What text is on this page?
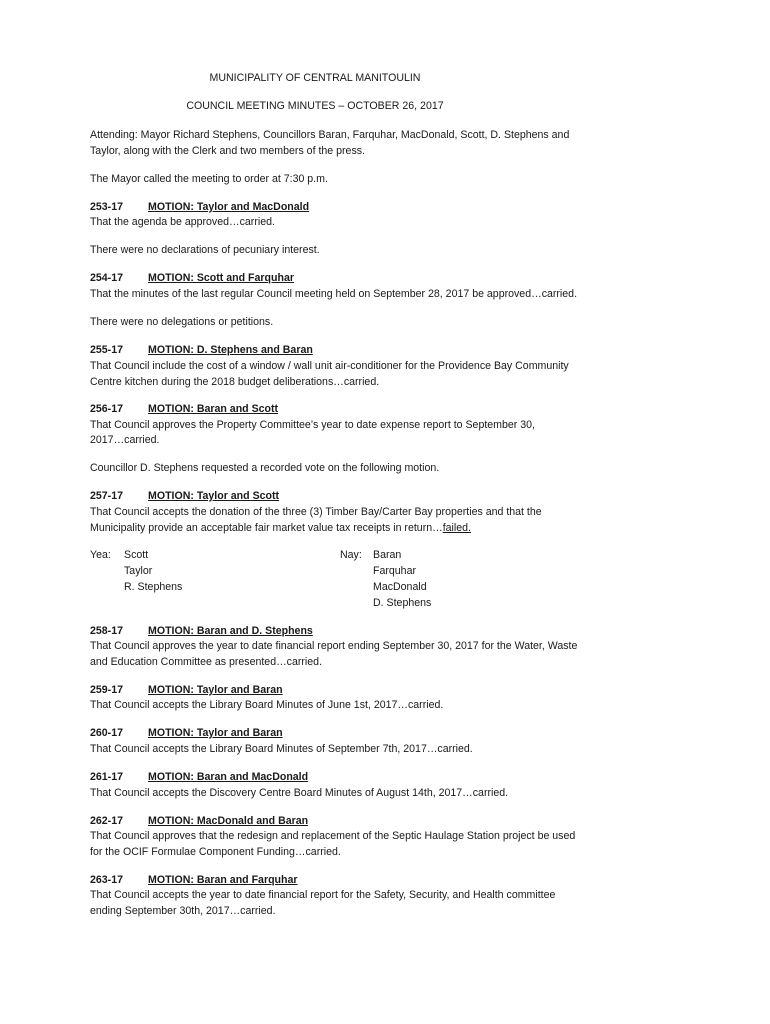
MUNICIPALITY OF CENTRAL MANITOULIN
COUNCIL MEETING MINUTES – OCTOBER 26, 2017
Attending: Mayor Richard Stephens, Councillors Baran, Farquhar, MacDonald, Scott, D. Stephens and
Taylor, along with the Clerk and two members of the press.
The Mayor called the meeting to order at 7:30 p.m.
253-17 MOTION: Taylor and MacDonald
That the agenda be approved…carried.
There were no declarations of pecuniary interest.
254-17 MOTION: Scott and Farquhar
That the minutes of the last regular Council meeting held on September 28, 2017 be approved…carried.
There were no delegations or petitions.
255-17 MOTION: D. Stephens and Baran
That Council include the cost of a window / wall unit air-conditioner for the Providence Bay Community
Centre kitchen during the 2018 budget deliberations…carried.
256-17 MOTION: Baran and Scott
That Council approves the Property Committee’s year to date expense report to September 30,
2017…carried.
Councillor D. Stephens requested a recorded vote on the following motion.
257-17 MOTION: Taylor and Scott
That Council accepts the donation of the three (3) Timber Bay/Carter Bay properties and that the
Municipality provide an acceptable fair market value tax receipts in return…failed.
Yea: Scott
Taylor
R. Stephens
Nay: Baran
Farquhar
MacDonald
D. Stephens
258-17 MOTION: Baran and D. Stephens
That Council approves the year to date financial report ending September 30, 2017 for the Water, Waste
and Education Committee as presented…carried.
259-17 MOTION: Taylor and Baran
That Council accepts the Library Board Minutes of June 1st, 2017…carried.
260-17 MOTION: Taylor and Baran
That Council accepts the Library Board Minutes of September 7th, 2017…carried.
261-17 MOTION: Baran and MacDonald
That Council accepts the Discovery Centre Board Minutes of August 14th, 2017…carried.
262-17 MOTION: MacDonald and Baran
That Council approves that the redesign and replacement of the Septic Haulage Station project be used
for the OCIF Formulae Component Funding…carried.
263-17 MOTION: Baran and Farquhar
That Council accepts the year to date financial report for the Safety, Security, and Health committee
ending September 30th, 2017…carried.
